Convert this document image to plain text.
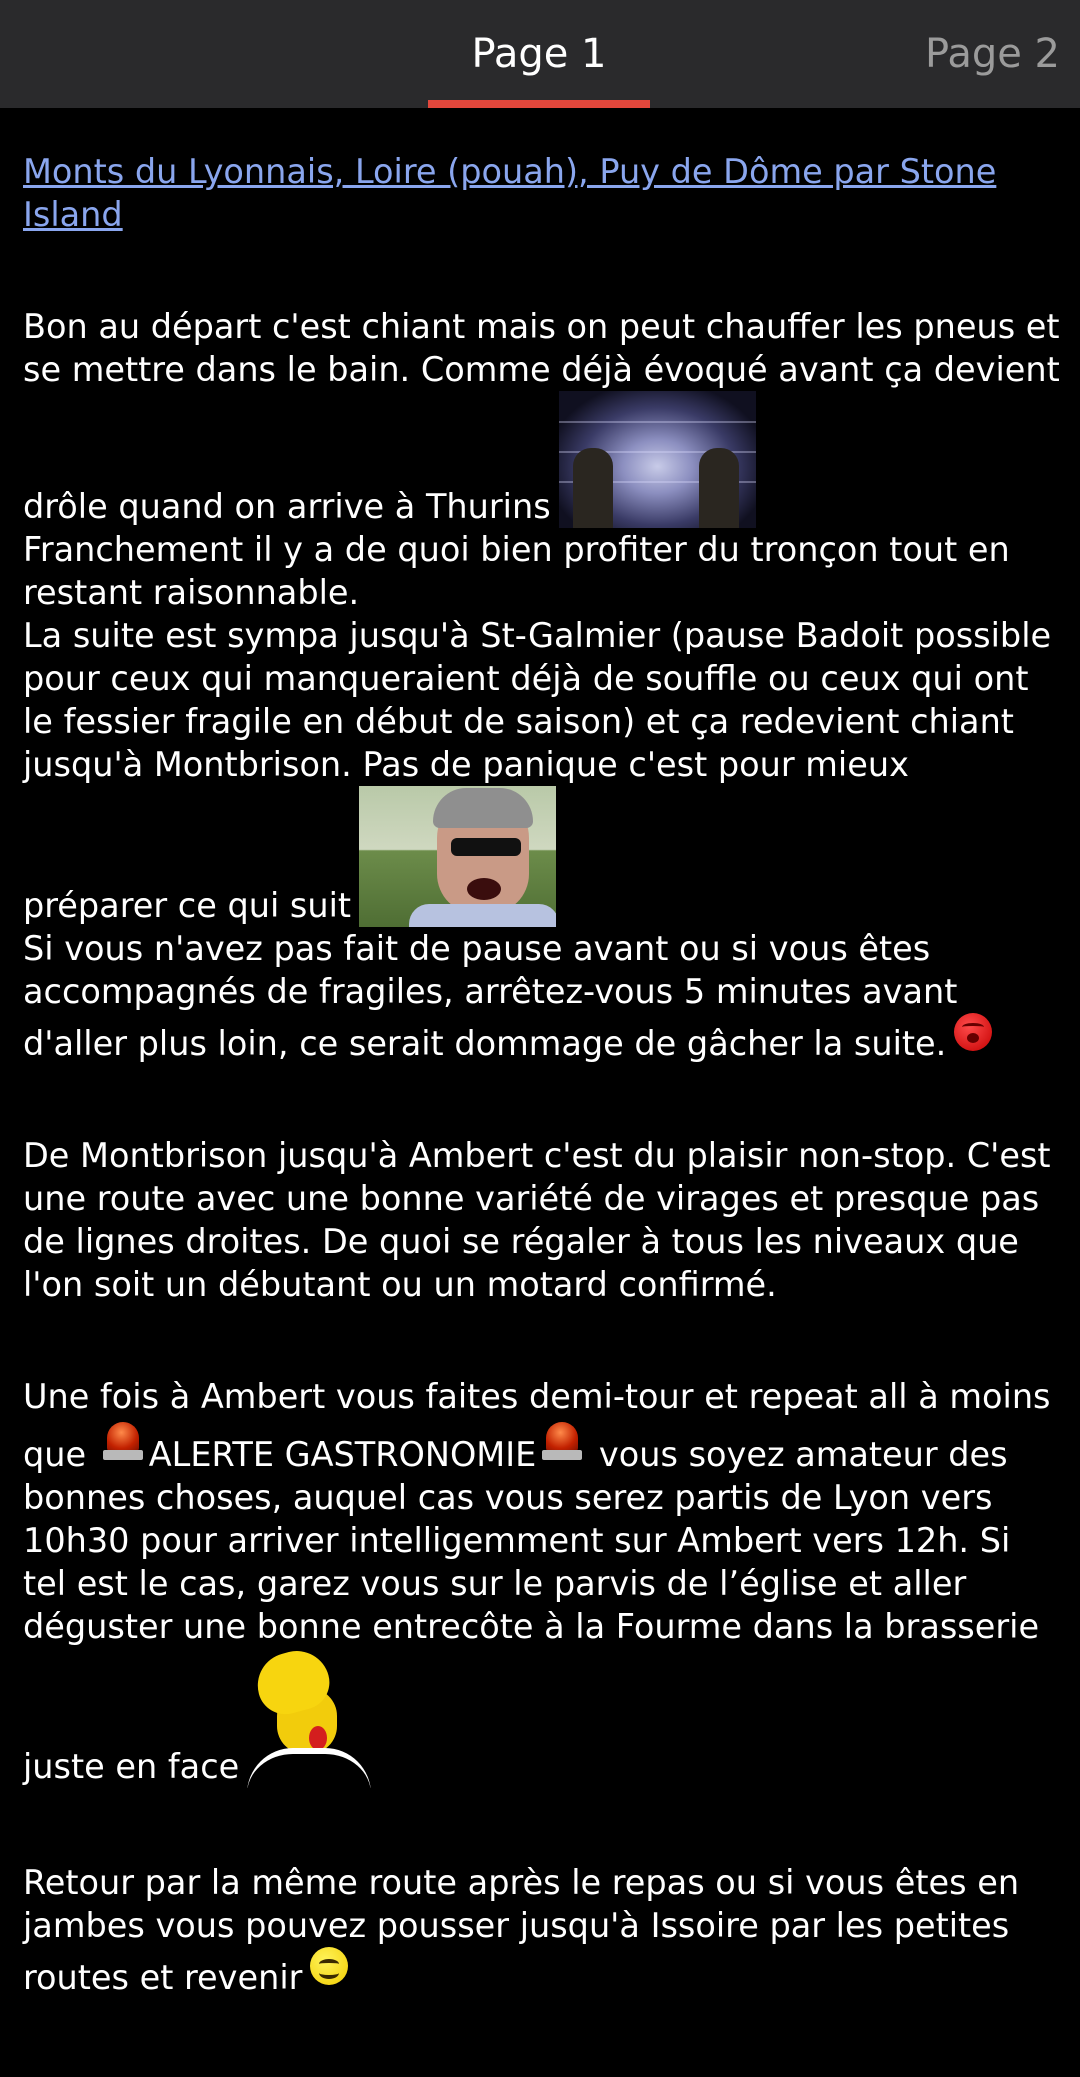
Page 1	Page 2

Monts du Lyonnais, Loire (pouah), Puy de Dôme par Stone Island

Bon au départ c'est chiant mais on peut chauffer les pneus et se mettre dans le bain. Comme déjà évoqué avant ça devient drôle quand on arrive à Thurins

Franchement il y a de quoi bien profiter du tronçon tout en restant raisonnable.
La suite est sympa jusqu'à St-Galmier (pause Badoit possible pour ceux qui manqueraient déjà de souffle ou ceux qui ont le fessier fragile en début de saison) et ça redevient chiant jusqu'à Montbrison. Pas de panique c'est pour mieux préparer ce qui suit

Si vous n'avez pas fait de pause avant ou si vous êtes accompagnés de fragiles, arrêtez-vous 5 minutes avant d'aller plus loin, ce serait dommage de gâcher la suite.

De Montbrison jusqu'à Ambert c'est du plaisir non-stop. C'est une route avec une bonne variété de virages et presque pas de lignes droites. De quoi se régaler à tous les niveaux que l'on soit un débutant ou un motard confirmé.

Une fois à Ambert vous faites demi-tour et repeat all à moins que ALERTE GASTRONOMIE vous soyez amateur des bonnes choses, auquel cas vous serez partis de Lyon vers 10h30 pour arriver intelligemment sur Ambert vers 12h. Si tel est le cas, garez vous sur le parvis de l’église et aller déguster une bonne entrecôte à la Fourme dans la brasserie juste en face

Retour par la même route après le repas ou si vous êtes en jambes vous pouvez pousser jusqu'à Issoire par les petites routes et revenir
